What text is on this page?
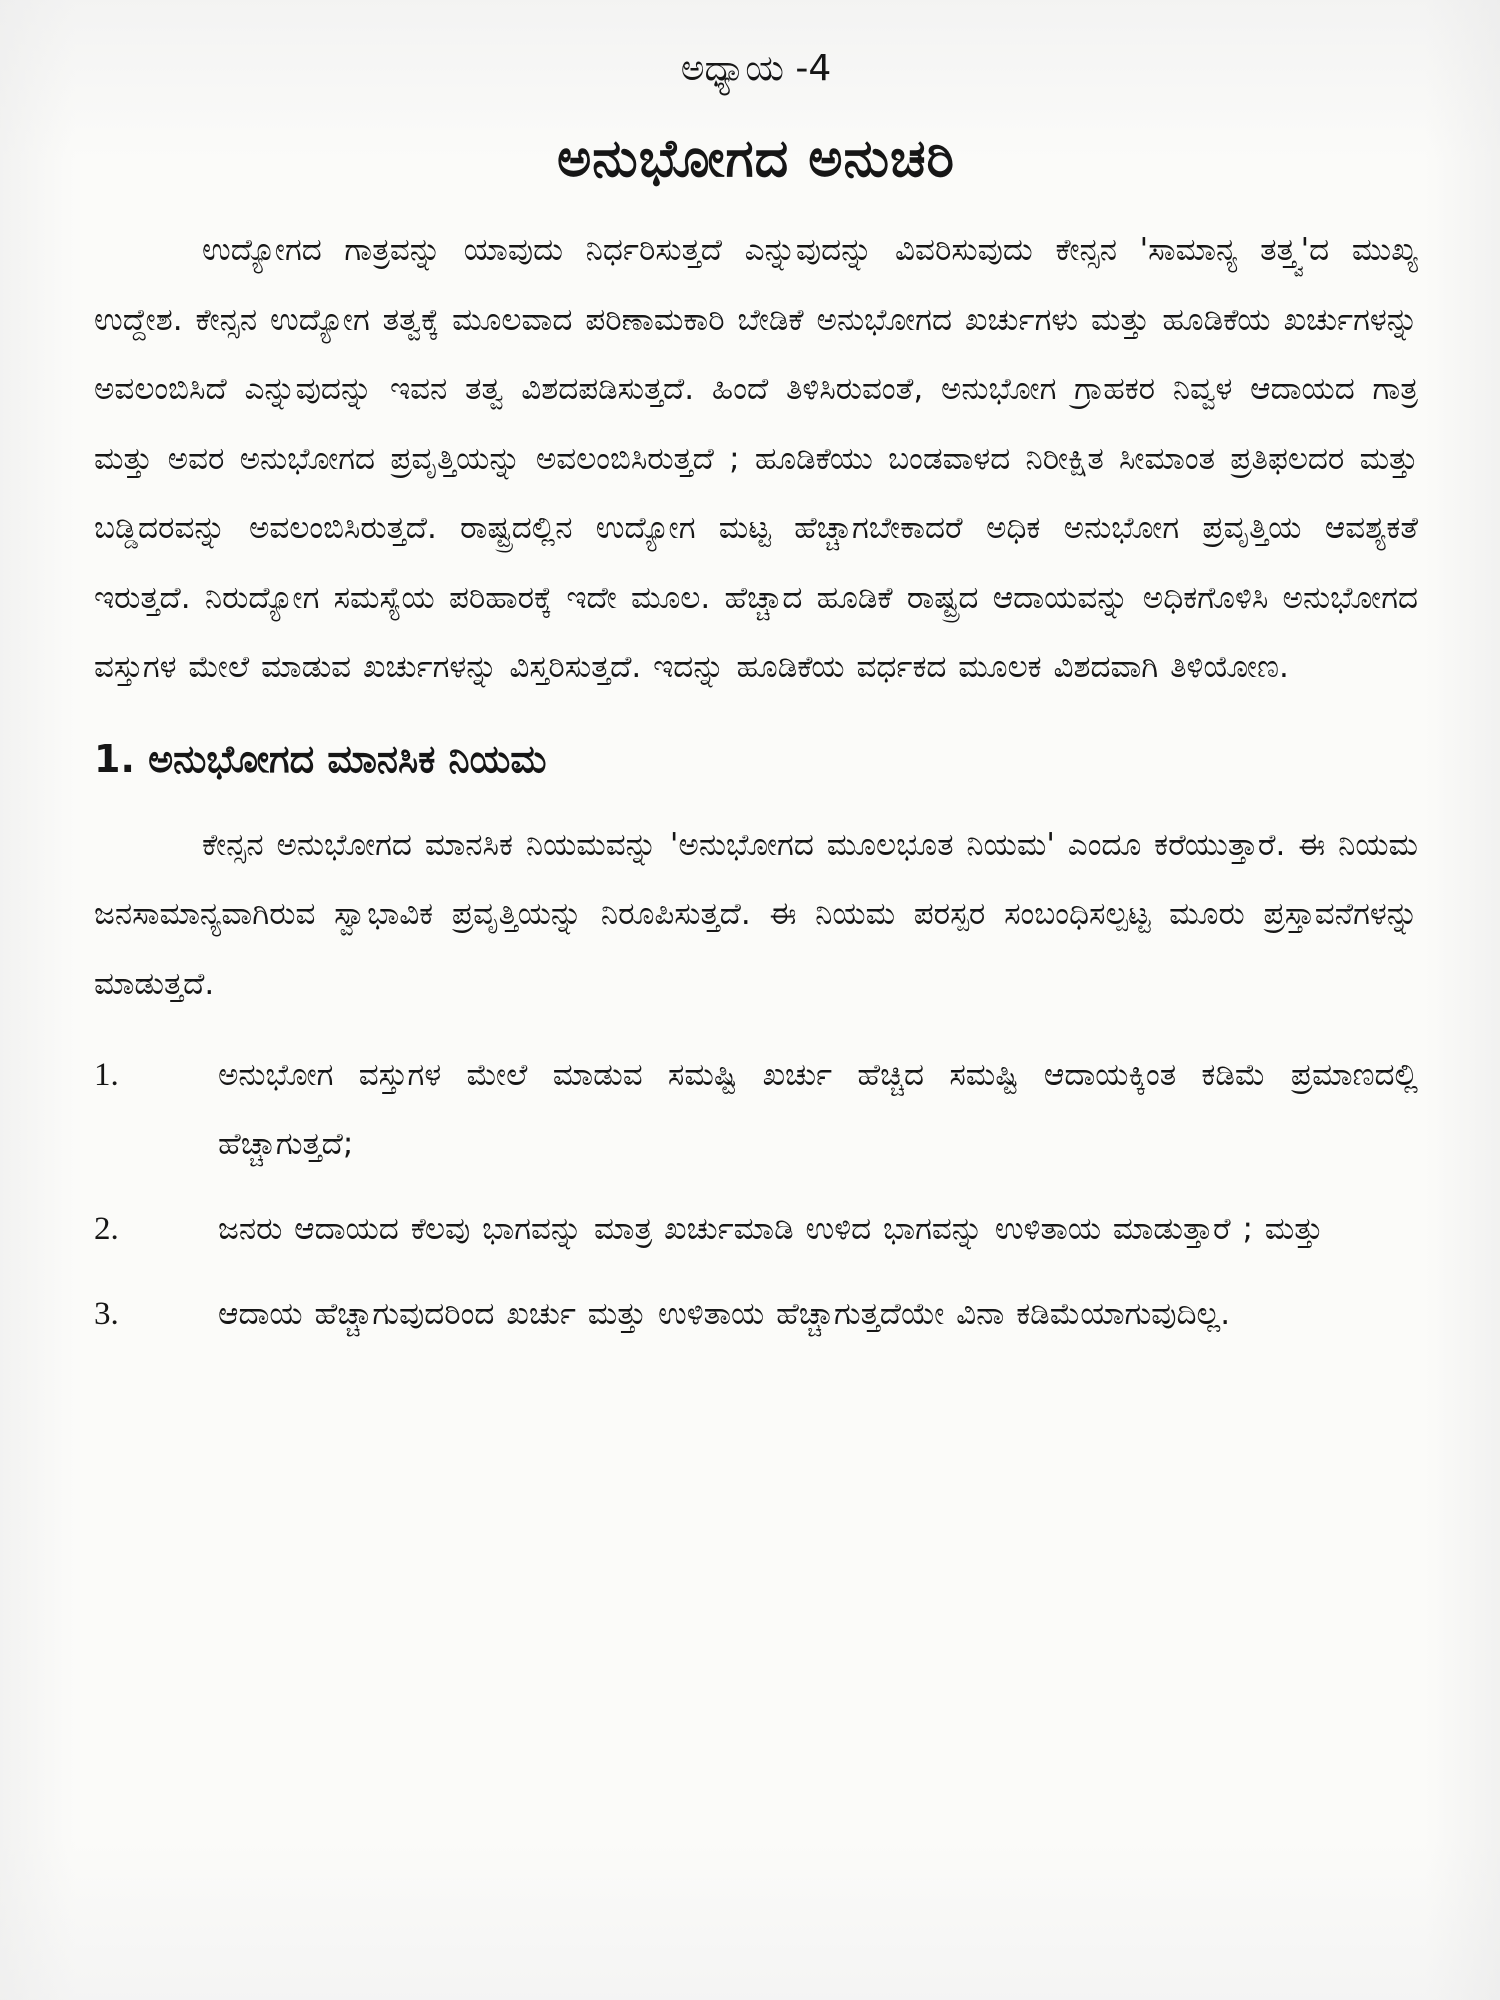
ಅಧ್ಯಾಯ -4
ಅನುಭೋಗದ ಅನುಚರಿ

ಉದ್ಯೋಗದ ಗಾತ್ರವನ್ನು ಯಾವುದು ನಿರ್ಧರಿಸುತ್ತದೆ ಎನ್ನುವುದನ್ನು ವಿವರಿಸುವುದು ಕೇನ್ಸನ 'ಸಾಮಾನ್ಯ ತತ್ತ್ವ'ದ ಮುಖ್ಯ ಉದ್ದೇಶ. ಕೇನ್ಸನ ಉದ್ಯೋಗ ತತ್ವಕ್ಕೆ ಮೂಲವಾದ ಪರಿಣಾಮಕಾರಿ ಬೇಡಿಕೆ ಅನುಭೋಗದ ಖರ್ಚುಗಳು ಮತ್ತು ಹೂಡಿಕೆಯ ಖರ್ಚುಗಳನ್ನು ಅವಲಂಬಿಸಿದೆ ಎನ್ನುವುದನ್ನು ಇವನ ತತ್ವ ವಿಶದಪಡಿಸುತ್ತದೆ. ಹಿಂದೆ ತಿಳಿಸಿರುವಂತೆ, ಅನುಭೋಗ ಗ್ರಾಹಕರ ನಿವ್ವಳ ಆದಾಯದ ಗಾತ್ರ ಮತ್ತು ಅವರ ಅನುಭೋಗದ ಪ್ರವೃತ್ತಿಯನ್ನು ಅವಲಂಬಿಸಿರುತ್ತದೆ ; ಹೂಡಿಕೆಯು ಬಂಡವಾಳದ ನಿರೀಕ್ಷಿತ ಸೀಮಾಂತ ಪ್ರತಿಫಲದರ ಮತ್ತು ಬಡ್ಡಿದರವನ್ನು ಅವಲಂಬಿಸಿರುತ್ತದೆ. ರಾಷ್ಟ್ರದಲ್ಲಿನ ಉದ್ಯೋಗ ಮಟ್ಟ ಹೆಚ್ಚಾಗಬೇಕಾದರೆ ಅಧಿಕ ಅನುಭೋಗ ಪ್ರವೃತ್ತಿಯ ಆವಶ್ಯಕತೆ ಇರುತ್ತದೆ. ನಿರುದ್ಯೋಗ ಸಮಸ್ಯೆಯ ಪರಿಹಾರಕ್ಕೆ ಇದೇ ಮೂಲ. ಹೆಚ್ಚಾದ ಹೂಡಿಕೆ ರಾಷ್ಟ್ರದ ಆದಾಯವನ್ನು ಅಧಿಕಗೊಳಿಸಿ ಅನುಭೋಗದ ವಸ್ತುಗಳ ಮೇಲೆ ಮಾಡುವ ಖರ್ಚುಗಳನ್ನು ವಿಸ್ತರಿಸುತ್ತದೆ. ಇದನ್ನು ಹೂಡಿಕೆಯ ವರ್ಧಕದ ಮೂಲಕ ವಿಶದವಾಗಿ ತಿಳಿಯೋಣ.

1. ಅನುಭೋಗದ ಮಾನಸಿಕ ನಿಯಮ

ಕೇನ್ಸನ ಅನುಭೋಗದ ಮಾನಸಿಕ ನಿಯಮವನ್ನು 'ಅನುಭೋಗದ ಮೂಲಭೂತ ನಿಯಮ' ಎಂದೂ ಕರೆಯುತ್ತಾರೆ. ಈ ನಿಯಮ ಜನಸಾಮಾನ್ಯವಾಗಿರುವ ಸ್ವಾಭಾವಿಕ ಪ್ರವೃತ್ತಿಯನ್ನು ನಿರೂಪಿಸುತ್ತದೆ. ಈ ನಿಯಮ ಪರಸ್ಪರ ಸಂಬಂಧಿಸಲ್ಪಟ್ಟ ಮೂರು ಪ್ರಸ್ತಾವನೆಗಳನ್ನು ಮಾಡುತ್ತದೆ.

1.	ಅನುಭೋಗ ವಸ್ತುಗಳ ಮೇಲೆ ಮಾಡುವ ಸಮಷ್ಟಿ ಖರ್ಚು ಹೆಚ್ಚಿದ ಸಮಷ್ಟಿ ಆದಾಯಕ್ಕಿಂತ ಕಡಿಮೆ ಪ್ರಮಾಣದಲ್ಲಿ ಹೆಚ್ಚಾಗುತ್ತದೆ;
2.	ಜನರು ಆದಾಯದ ಕೆಲವು ಭಾಗವನ್ನು ಮಾತ್ರ ಖರ್ಚುಮಾಡಿ ಉಳಿದ ಭಾಗವನ್ನು ಉಳಿತಾಯ ಮಾಡುತ್ತಾರೆ ; ಮತ್ತು
3.	ಆದಾಯ ಹೆಚ್ಚಾಗುವುದರಿಂದ ಖರ್ಚು ಮತ್ತು ಉಳಿತಾಯ ಹೆಚ್ಚಾಗುತ್ತದೆಯೇ ವಿನಾ ಕಡಿಮೆಯಾಗುವುದಿಲ್ಲ.
